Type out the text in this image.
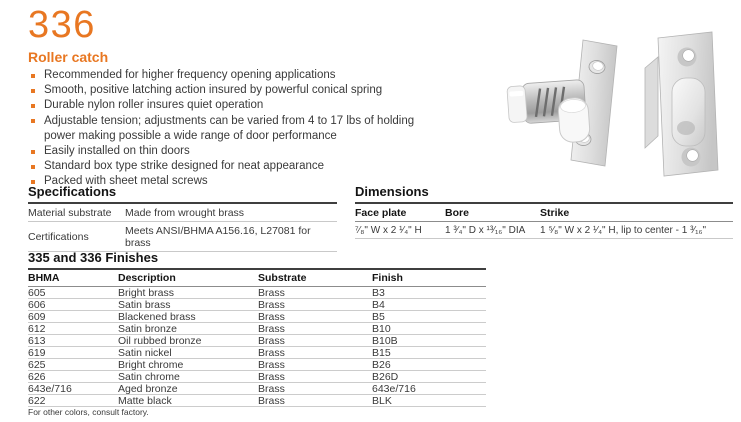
336
Roller catch
Recommended for higher frequency opening applications
Smooth, positive latching action insured by powerful conical spring
Durable nylon roller insures quiet operation
Adjustable tension; adjustments can be varied from 4 to 17 lbs of holding power making possible a wide range of door performance
Easily installed on thin doors
Standard box type strike designed for neat appearance
Packed with sheet metal screws
Specifications
Material substrate	Made from wrought brass
Certifications	Meets ANSI/BHMA A156.16, L27081 for brass
Dimensions
Face plate	Bore	Strike
⁷⁄₈" W x 2 ¹⁄₄" H	1 ³⁄₄" D x ¹³⁄₁₆" DIA	1 ⁵⁄₈" W x 2 ¹⁄₄" H, lip to center - 1 ³⁄₁₆"
335 and 336 Finishes
BHMA	Description	Substrate	Finish
605	Bright brass	Brass	B3
606	Satin brass	Brass	B4
609	Blackened brass	Brass	B5
612	Satin bronze	Brass	B10
613	Oil rubbed bronze	Brass	B10B
619	Satin nickel	Brass	B15
625	Bright chrome	Brass	B26
626	Satin chrome	Brass	B26D
643e/716	Aged bronze	Brass	643e/716
622	Matte black	Brass	BLK
For other colors, consult factory.
